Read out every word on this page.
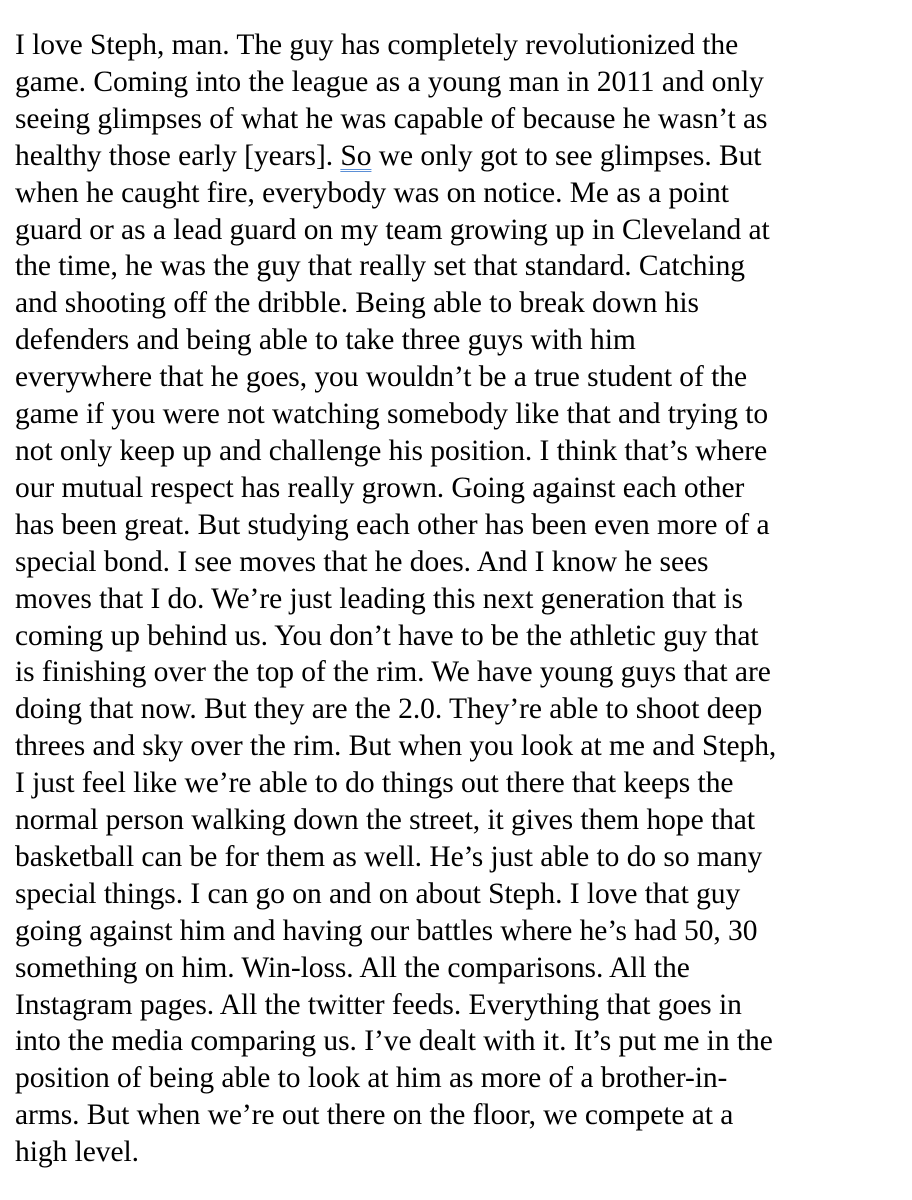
I love Steph, man. The guy has completely revolutionized the
game. Coming into the league as a young man in 2011 and only
seeing glimpses of what he was capable of because he wasn’t as
healthy those early [years]. So we only got to see glimpses. But
when he caught fire, everybody was on notice. Me as a point
guard or as a lead guard on my team growing up in Cleveland at
the time, he was the guy that really set that standard. Catching
and shooting off the dribble. Being able to break down his
defenders and being able to take three guys with him
everywhere that he goes, you wouldn’t be a true student of the
game if you were not watching somebody like that and trying to
not only keep up and challenge his position. I think that’s where
our mutual respect has really grown. Going against each other
has been great. But studying each other has been even more of a
special bond. I see moves that he does. And I know he sees
moves that I do. We’re just leading this next generation that is
coming up behind us. You don’t have to be the athletic guy that
is finishing over the top of the rim. We have young guys that are
doing that now. But they are the 2.0. They’re able to shoot deep
threes and sky over the rim. But when you look at me and Steph,
I just feel like we’re able to do things out there that keeps the
normal person walking down the street, it gives them hope that
basketball can be for them as well. He’s just able to do so many
special things. I can go on and on about Steph. I love that guy
going against him and having our battles where he’s had 50, 30
something on him. Win-loss. All the comparisons. All the
Instagram pages. All the twitter feeds. Everything that goes in
into the media comparing us. I’ve dealt with it. It’s put me in the
position of being able to look at him as more of a brother-in-
arms. But when we’re out there on the floor, we compete at a
high level.
